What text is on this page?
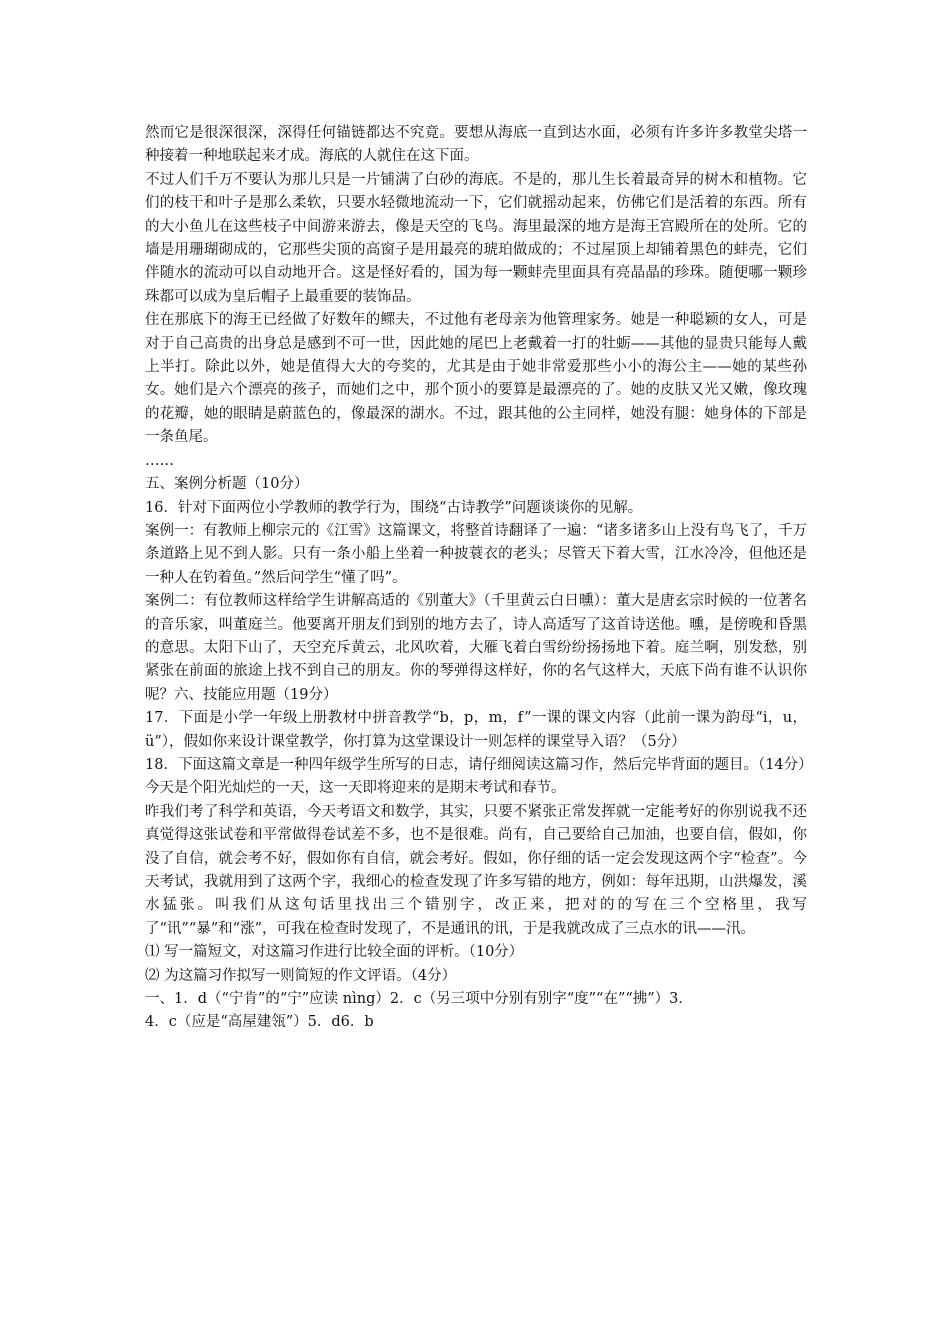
然而它是很深很深，深得任何锚链都达不究竟。要想从海底一直到达水面，必须有许多许多教堂尖塔一种接着一种地联起来才成。海底的人就住在这下面。

不过人们千万不要认为那儿只是一片铺满了白砂的海底。不是的，那儿生长着最奇异的树木和植物。它们的枝干和叶子是那么柔软，只要水轻微地流动一下，它们就摇动起来，仿佛它们是活着的东西。所有的大小鱼儿在这些枝子中间游来游去，像是天空的飞鸟。海里最深的地方是海王宫殿所在的处所。它的墙是用珊瑚砌成的，它那些尖顶的高窗子是用最亮的琥珀做成的；不过屋顶上却铺着黑色的蚌壳，它们伴随水的流动可以自动地开合。这是怪好看的，国为每一颗蚌壳里面具有亮晶晶的珍珠。随便哪一颗珍珠都可以成为皇后帽子上最重要的装饰品。

住在那底下的海王已经做了好数年的鳏夫，不过他有老母亲为他管理家务。她是一种聪颖的女人，可是对于自己高贵的出身总是感到不可一世，因此她的尾巴上老戴着一打的牡蛎——其他的显贵只能每人戴上半打。除此以外，她是值得大大的夸奖的，尤其是由于她非常爱那些小小的海公主——她的某些孙女。她们是六个漂亮的孩子，而她们之中，那个顶小的要算是最漂亮的了。她的皮肤又光又嫩，像玫瑰的花瓣，她的眼睛是蔚蓝色的，像最深的湖水。不过，跟其他的公主同样，她没有腿：她身体的下部是一条鱼尾。

……

五、案例分析题（10分）

16．针对下面两位小学教师的教学行为，围绕“古诗教学”问题谈谈你的见解。

案例一：有教师上柳宗元的《江雪》这篇课文，将整首诗翻译了一遍：“诸多诸多山上没有鸟飞了，千万条道路上见不到人影。只有一条小船上坐着一种披蓑衣的老头；尽管天下着大雪，江水冷冷，但他还是一种人在钓着鱼。”然后问学生“懂了吗”。

案例二：有位教师这样给学生讲解高适的《别董大》（千里黄云白日曛）：董大是唐玄宗时候的一位著名的音乐家，叫董庭兰。他要离开朋友们到别的地方去了，诗人高适写了这首诗送他。曛，是傍晚和昏黑的意思。太阳下山了，天空充斥黄云，北风吹着，大雁飞着白雪纷纷扬扬地下着。庭兰啊，别发愁，别紧张在前面的旅途上找不到自己的朋友。你的琴弹得这样好，你的名气这样大，天底下尚有谁不认识你呢？六、技能应用题（19分）

17．下面是小学一年级上册教材中拼音教学“b，p，m，f”一课的课文内容（此前一课为韵母“i，u，ü”），假如你来设计课堂教学，你打算为这堂课设计一则怎样的课堂导入语？（5分）

18．下面这篇文章是一种四年级学生所写的日志，请仔细阅读这篇习作，然后完毕背面的题目。（14分）

今天是个阳光灿烂的一天，这一天即将迎来的是期末考试和春节。

昨我们考了科学和英语，今天考语文和数学，其实，只要不紧张正常发挥就一定能考好的你别说我不还真觉得这张试卷和平常做得卷试差不多，也不是很难。尚有，自己要给自己加油，也要自信，假如，你没了自信，就会考不好，假如你有自信，就会考好。假如，你仔细的话一定会发现这两个字“检查”。今天考试，我就用到了这两个字，我细心的检查发现了许多写错的地方，例如：每年迅期，山洪爆发，溪水猛张。叫我们从这句话里找出三个错别字，改正来，把对的的写在三个空格里，我写了“讯”“暴”和“涨”，可我在检查时发现了，不是通讯的讯，于是我就改成了三点水的讯——汛。

⑴ 写一篇短文，对这篇习作进行比较全面的评析。（10分）

⑵ 为这篇习作拟写一则简短的作文评语。（4分）

一、1．d（“宁肯”的“宁”应读 nìng）2．c（另三项中分别有别字“度”“在”“拂”）3．

4．c（应是“高屋建瓴”）5．d6．b
